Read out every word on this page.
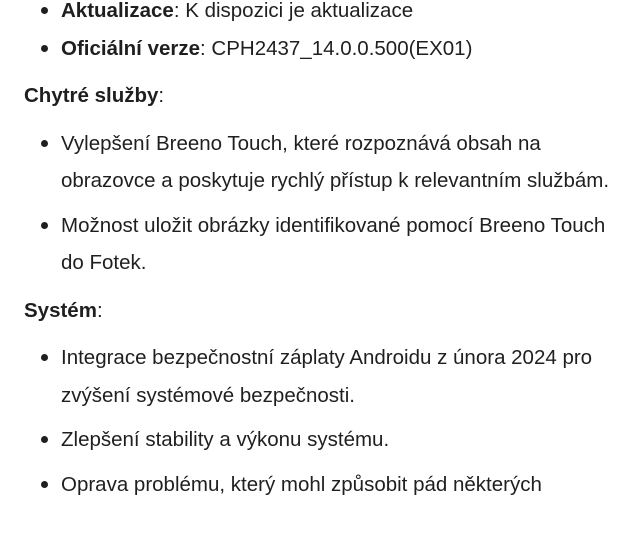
Aktualizace: K dispozici je aktualizace
Oficiální verze: CPH2437_14.0.0.500(EX01)

Chytré služby:

Vylepšení Breeno Touch, které rozpoznává obsah na obrazovce a poskytuje rychlý přístup k relevantním službám.
Možnost uložit obrázky identifikované pomocí Breeno Touch do Fotek.

Systém:

Integrace bezpečnostní záplaty Androidu z února 2024 pro zvýšení systémové bezpečnosti.
Zlepšení stability a výkonu systému.
Oprava problému, který mohl způsobit pád některých
